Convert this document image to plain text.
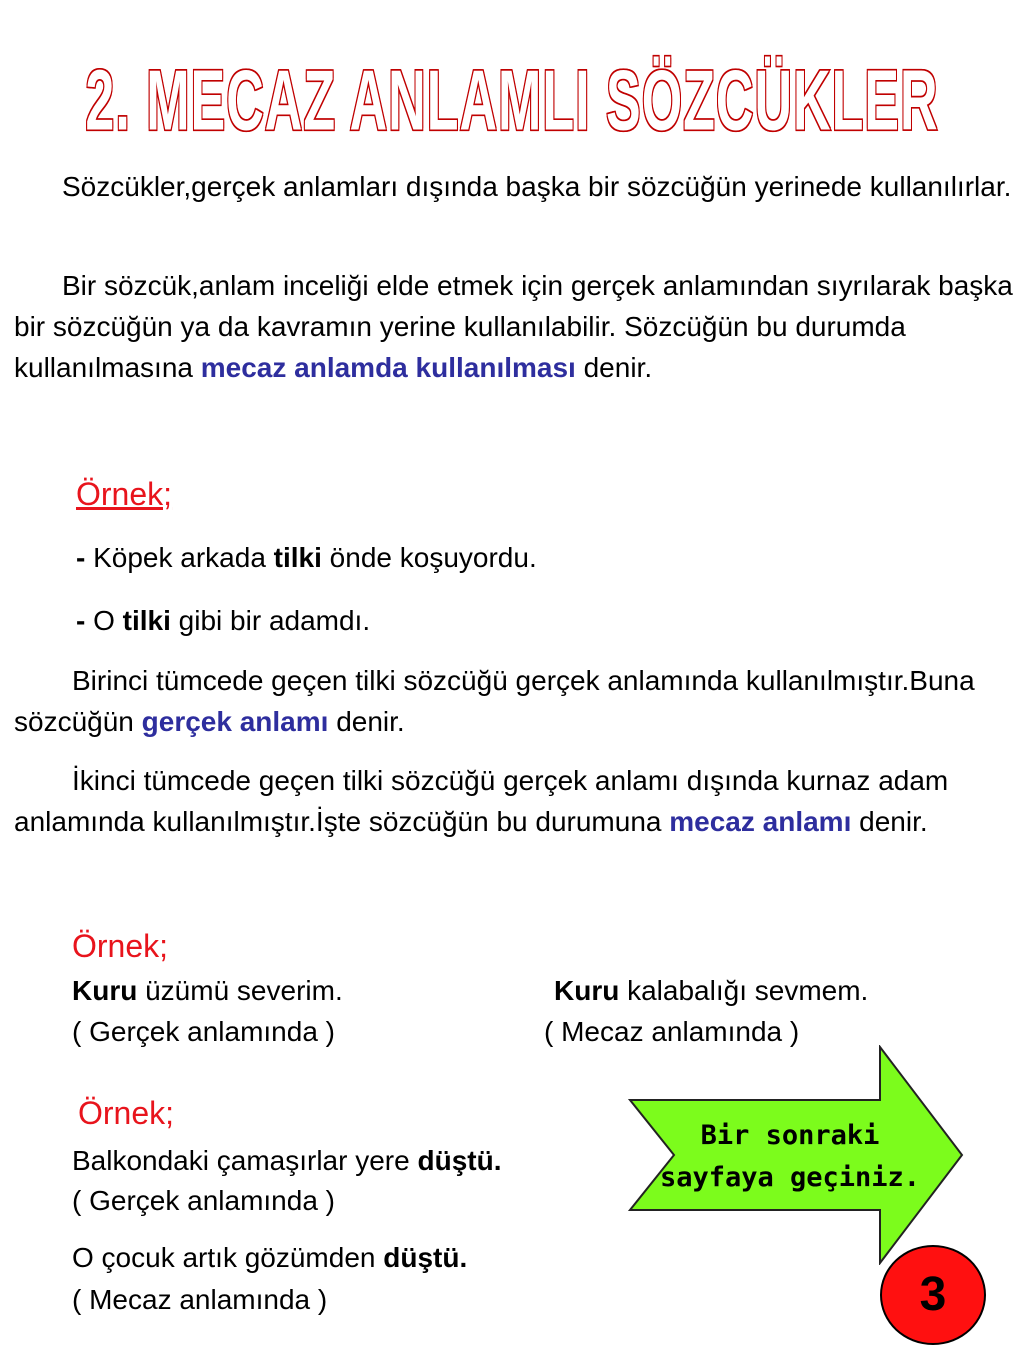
2. MECAZ ANLAMLI SÖZCÜKLER
Sözcükler,gerçek anlamları dışında başka bir sözcüğün yerinede kullanılırlar.
Bir sözcük,anlam inceliği elde etmek için gerçek anlamından sıyrılarak başka bir sözcüğün ya da kavramın yerine kullanılabilir. Sözcüğün bu durumda kullanılmasına mecaz anlamda kullanılması denir.
Örnek;
- Köpek arkada tilki önde koşuyordu.
- O tilki gibi bir adamdı.
Birinci tümcede geçen tilki sözcüğü gerçek anlamında kullanılmıştır.Buna sözcüğün gerçek anlamı denir.
İkinci tümcede geçen tilki sözcüğü gerçek anlamı dışında kurnaz adam anlamında kullanılmıştır.İşte sözcüğün bu durumuna mecaz anlamı denir.
Örnek;
Kuru üzümü severim.
( Gerçek anlamında )
Kuru kalabalığı sevmem.
( Mecaz anlamında )
Örnek;
Balkondaki çamaşırlar yere düştü.
( Gerçek anlamında )
O çocuk artık gözümden düştü.
( Mecaz anlamında )
Bir sonraki
sayfaya geçiniz.
3
